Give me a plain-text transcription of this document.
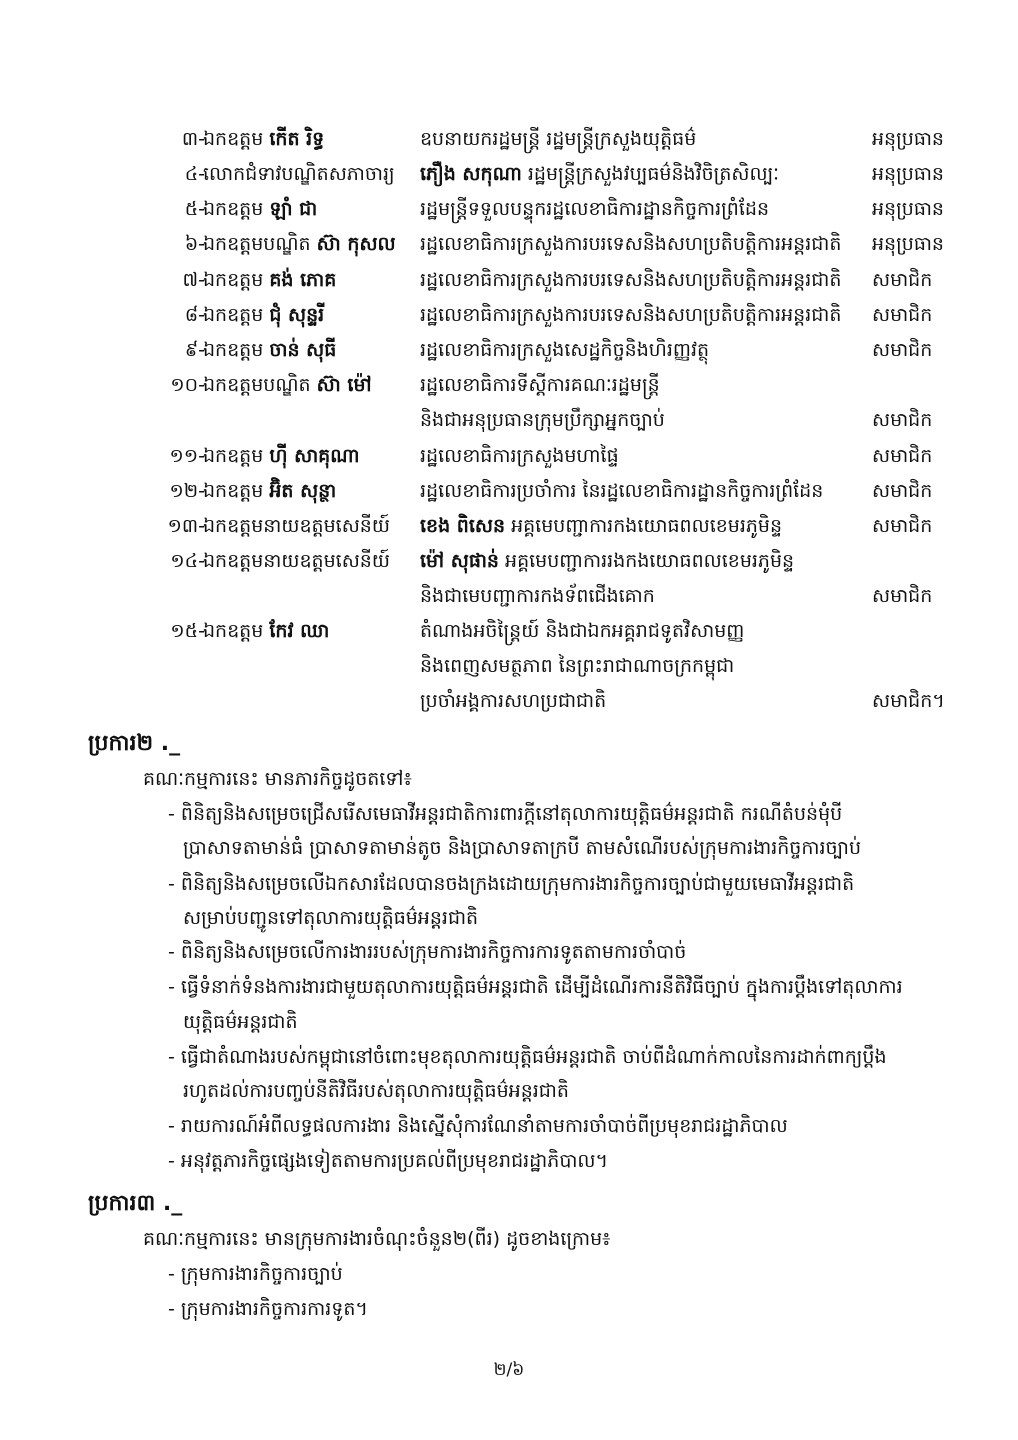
៣-
ឯកឧត្តម កើត រិទ្ធ	ឧបនាយករដ្ឋមន្ត្រី រដ្ឋមន្ត្រីក្រសួងយុត្តិធម៌	អនុប្រធាន
៤-
លោកជំទាវបណ្ឌិតសភាចារ្យ ភឿង សកុណា រដ្ឋមន្ត្រីក្រសួងវប្បធម៌និងវិចិត្រសិល្បៈ	អនុប្រធាន
៥-
ឯកឧត្តម ឡាំ ជា	រដ្ឋមន្ត្រីទទួលបន្ទុករដ្ឋលេខាធិការដ្ឋានកិច្ចការព្រំដែន	អនុប្រធាន
៦-
ឯកឧត្តមបណ្ឌិត ស៊ា កុសល រដ្ឋលេខាធិការក្រសួងការបរទេសនិងសហប្រតិបត្តិការអន្តរជាតិ អនុប្រធាន
៧-
ឯកឧត្តម គង់ ភោគ	រដ្ឋលេខាធិការក្រសួងការបរទេសនិងសហប្រតិបត្តិការអន្តរជាតិ សមាជិក
៨-
ឯកឧត្តម ជុំ សុន្ទរី	រដ្ឋលេខាធិការក្រសួងការបរទេសនិងសហប្រតិបត្តិការអន្តរជាតិ សមាជិក
៩-
ឯកឧត្តម ចាន់ សុធី	រដ្ឋលេខាធិការក្រសួងសេដ្ឋកិច្ចនិងហិរញ្ញវត្ថុ	សមាជិក
១០-
ឯកឧត្តមបណ្ឌិត ស៊ា ម៉ៅ	រដ្ឋលេខាធិការទីស្តីការគណៈរដ្ឋមន្ត្រី
និងជាអនុប្រធានក្រុមប្រឹក្សាអ្នកច្បាប់	សមាជិក
១១-
ឯកឧត្តម ហ៊ី សាគុណា	រដ្ឋលេខាធិការក្រសួងមហាផ្ទៃ	សមាជិក
១២-
ឯកឧត្តម អ៊ិត សុន្ថា	រដ្ឋលេខាធិការប្រចាំការ នៃរដ្ឋលេខាធិការដ្ឋានកិច្ចការព្រំដែន	សមាជិក
១៣-
ឯកឧត្តមនាយឧត្តមសេនីយ៍ ខេង ពិសេន អគ្គមេបញ្ជាការកងយោធពលខេមរភូមិន្ទ	សមាជិក
១៤-
ឯកឧត្តមនាយឧត្តមសេនីយ៍ ម៉ៅ សុផាន់ អគ្គមេបញ្ជាការរងកងយោធពលខេមរភូមិន្ទ
និងជាមេបញ្ជាការកងទ័ពជើងគោក	សមាជិក
១៥-
ឯកឧត្តម កែវ ឈា	តំណាងអចិន្ត្រៃយ៍ និងជាឯកអគ្គរាជទូតវិសាមញ្ញ
និងពេញសមត្ថភាព នៃព្រះរាជាណាចក្រកម្ពុជា
ប្រចាំអង្គការសហប្រជាជាតិ	សមាជិក។
ប្រការ២ ._
គណៈកម្មការនេះ មានភារកិច្ចដូចតទៅ៖
- ពិនិត្យនិងសម្រេចជ្រើសរើសមេធាវីអន្តរជាតិការពារក្តីនៅតុលាការយុត្តិធម៌អន្តរជាតិ ករណីតំបន់មុំបី
ប្រាសាទតាមាន់ធំ ប្រាសាទតាមាន់តូច និងប្រាសាទតាក្របី តាមសំណើរបស់ក្រុមការងារកិច្ចការច្បាប់
- ពិនិត្យនិងសម្រេចលើឯកសារដែលបានចងក្រងដោយក្រុមការងារកិច្ចការច្បាប់ជាមួយមេធាវីអន្តរជាតិ
សម្រាប់បញ្ជូនទៅតុលាការយុត្តិធម៌អន្តរជាតិ
- ពិនិត្យនិងសម្រេចលើការងាររបស់ក្រុមការងារកិច្ចការការទូតតាមការចាំបាច់
- ធ្វើទំនាក់ទំនងការងារជាមួយតុលាការយុត្តិធម៌អន្តរជាតិ ដើម្បីដំណើរការនីតិវិធីច្បាប់ ក្នុងការប្តឹងទៅតុលាការ
យុត្តិធម៌អន្តរជាតិ
- ធ្វើជាតំណាងរបស់កម្ពុជានៅចំពោះមុខតុលាការយុត្តិធម៌អន្តរជាតិ ចាប់ពីដំណាក់កាលនៃការដាក់ពាក្យប្តឹង
រហូតដល់ការបញ្ចប់នីតិវិធីរបស់តុលាការយុត្តិធម៌អន្តរជាតិ
- រាយការណ៍អំពីលទ្ធផលការងារ និងស្នើសុំការណែនាំតាមការចាំបាច់ពីប្រមុខរាជរដ្ឋាភិបាល
- អនុវត្តភារកិច្ចផ្សេងទៀតតាមការប្រគល់ពីប្រមុខរាជរដ្ឋាភិបាល។
ប្រការ៣ ._
គណៈកម្មការនេះ មានក្រុមការងារចំណុះចំនួន២(ពីរ) ដូចខាងក្រោម៖
- ក្រុមការងារកិច្ចការច្បាប់
- ក្រុមការងារកិច្ចការការទូត។
២/៦
